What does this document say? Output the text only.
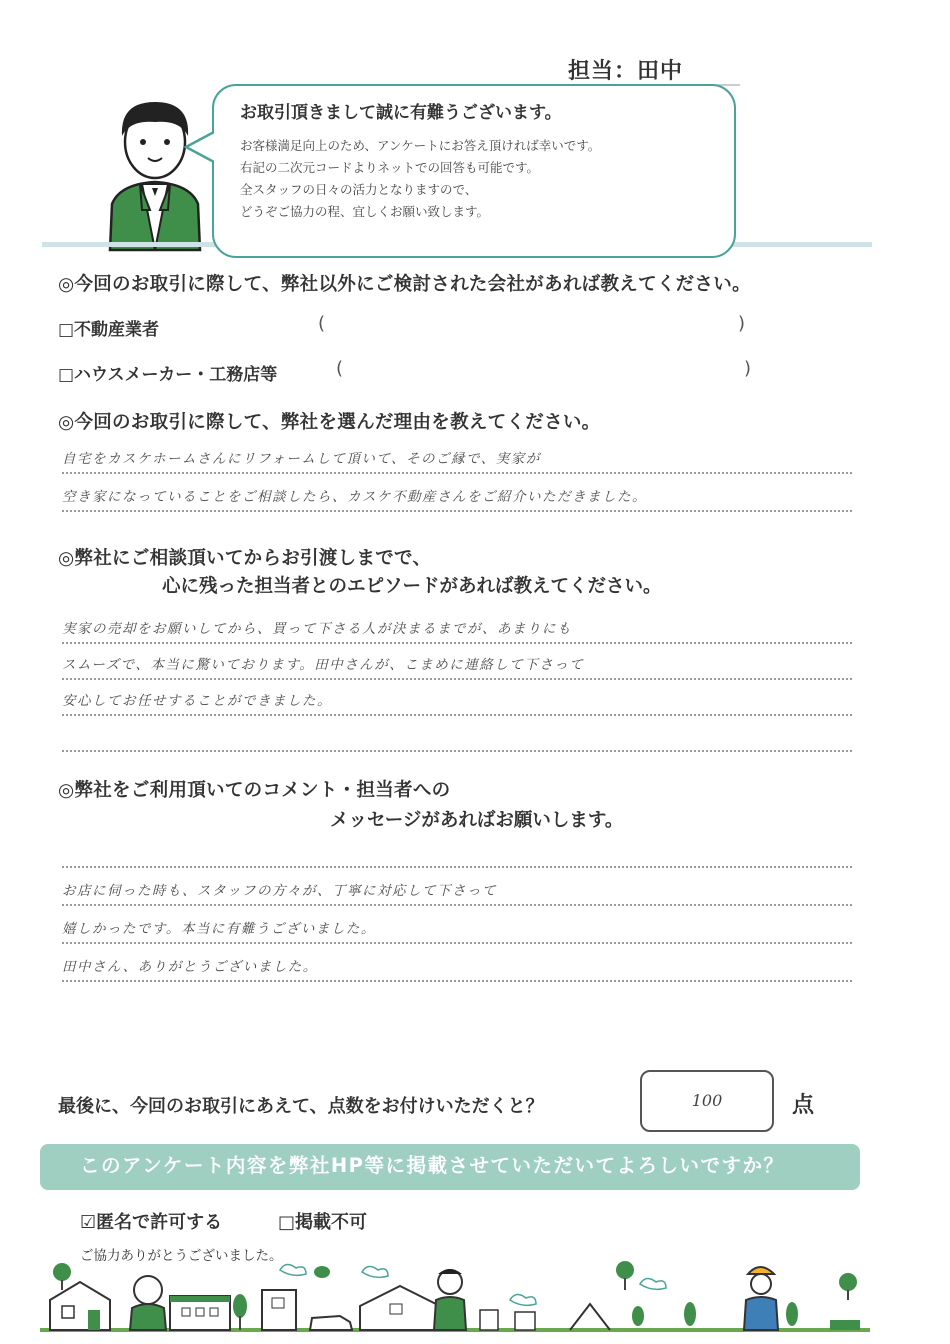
担当：田中
お取引頂きまして誠に有難うございます。
お客様満足向上のため、アンケートにお答え頂ければ幸いです。
右記の二次元コードよりネットでの回答も可能です。
全スタッフの日々の活力となりますので、
どうぞご協力の程、宜しくお願い致します。
◎今回のお取引に際して、弊社以外にご検討された会社があれば教えてください。
□不動産業者	(	)
□ハウスメーカー・工務店等	(	)
◎今回のお取引に際して、弊社を選んだ理由を教えてください。
自宅をカスケホームさんにリフォームして頂いて、そのご縁で、実家が
空き家になっていることをご相談したら、カスケ不動産さんをご紹介いただきました。
◎弊社にご相談頂いてからお引渡しまでで、
心に残った担当者とのエピソードがあれば教えてください。
実家の売却をお願いしてから、買って下さる人が決まるまでが、あまりにも
スムーズで、本当に驚いております。田中さんが、こまめに連絡して下さって
安心してお任せすることができました。
◎弊社をご利用頂いてのコメント・担当者への
メッセージがあればお願いします。
お店に伺った時も、スタッフの方々が、丁寧に対応して下さって
嬉しかったです。本当に有難うございました。
田中さん、ありがとうございました。
最後に、今回のお取引にあえて、点数をお付けいただくと？	100	点
このアンケート内容を弊社HP等に掲載させていただいてよろしいですか？
☑匿名で許可する	□掲載不可
ご協力ありがとうございました。
